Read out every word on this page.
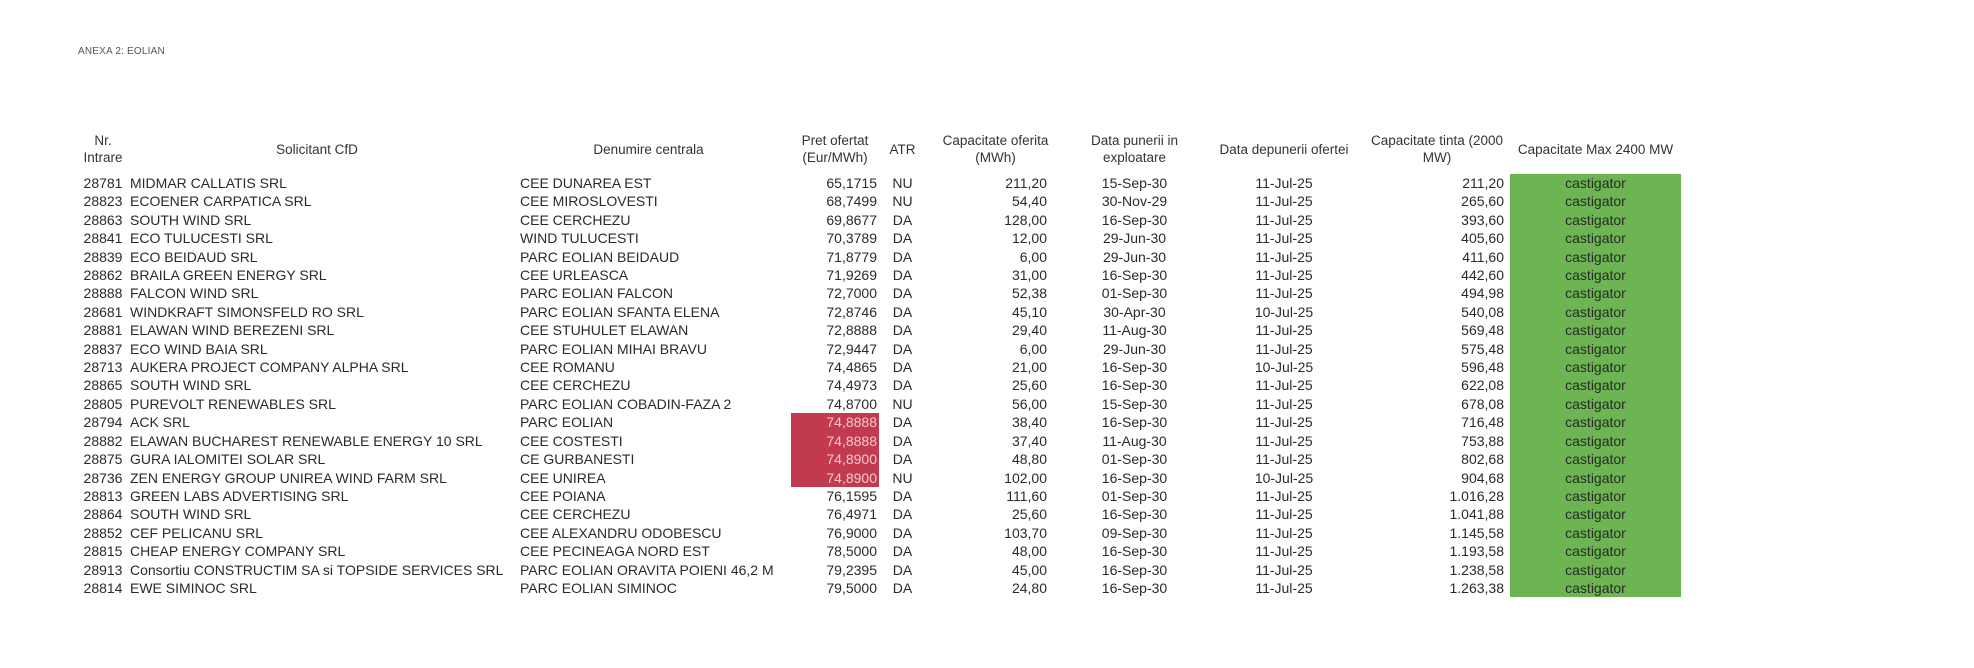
ANEXA 2: EOLIAN
Nr. Intrare	Solicitant CfD	Denumire centrala	Pret ofertat (Eur/MWh)	ATR	Capacitate oferita (MWh)	Data punerii in exploatare	Data depunerii ofertei	Capacitate tinta (2000 MW)	Capacitate Max 2400 MW
28781	MIDMAR CALLATIS SRL	CEE DUNAREA EST	65,1715	NU	211,20	15-Sep-30	11-Jul-25	211,20	castigator
28823	ECOENER CARPATICA SRL	CEE MIROSLOVESTI	68,7499	NU	54,40	30-Nov-29	11-Jul-25	265,60	castigator
28863	SOUTH WIND SRL	CEE CERCHEZU	69,8677	DA	128,00	16-Sep-30	11-Jul-25	393,60	castigator
28841	ECO TULUCESTI SRL	WIND TULUCESTI	70,3789	DA	12,00	29-Jun-30	11-Jul-25	405,60	castigator
28839	ECO BEIDAUD SRL	PARC EOLIAN BEIDAUD	71,8779	DA	6,00	29-Jun-30	11-Jul-25	411,60	castigator
28862	BRAILA GREEN ENERGY SRL	CEE URLEASCA	71,9269	DA	31,00	16-Sep-30	11-Jul-25	442,60	castigator
28888	FALCON WIND SRL	PARC EOLIAN FALCON	72,7000	DA	52,38	01-Sep-30	11-Jul-25	494,98	castigator
28681	WINDKRAFT SIMONSFELD RO SRL	PARC EOLIAN SFANTA ELENA	72,8746	DA	45,10	30-Apr-30	10-Jul-25	540,08	castigator
28881	ELAWAN WIND BEREZENI SRL	CEE STUHULET ELAWAN	72,8888	DA	29,40	11-Aug-30	11-Jul-25	569,48	castigator
28837	ECO WIND BAIA SRL	PARC EOLIAN MIHAI BRAVU	72,9447	DA	6,00	29-Jun-30	11-Jul-25	575,48	castigator
28713	AUKERA PROJECT COMPANY ALPHA SRL	CEE ROMANU	74,4865	DA	21,00	16-Sep-30	10-Jul-25	596,48	castigator
28865	SOUTH WIND SRL	CEE CERCHEZU	74,4973	DA	25,60	16-Sep-30	11-Jul-25	622,08	castigator
28805	PUREVOLT RENEWABLES SRL	PARC EOLIAN COBADIN-FAZA 2	74,8700	NU	56,00	15-Sep-30	11-Jul-25	678,08	castigator
28794	ACK SRL	PARC EOLIAN	74,8888	DA	38,40	16-Sep-30	11-Jul-25	716,48	castigator
28882	ELAWAN BUCHAREST RENEWABLE ENERGY 10 SRL	CEE COSTESTI	74,8888	DA	37,40	11-Aug-30	11-Jul-25	753,88	castigator
28875	GURA IALOMITEI SOLAR SRL	CE GURBANESTI	74,8900	DA	48,80	01-Sep-30	11-Jul-25	802,68	castigator
28736	ZEN ENERGY GROUP UNIREA WIND FARM SRL	CEE UNIREA	74,8900	NU	102,00	16-Sep-30	10-Jul-25	904,68	castigator
28813	GREEN LABS ADVERTISING SRL	CEE POIANA	76,1595	DA	111,60	01-Sep-30	11-Jul-25	1.016,28	castigator
28864	SOUTH WIND SRL	CEE CERCHEZU	76,4971	DA	25,60	16-Sep-30	11-Jul-25	1.041,88	castigator
28852	CEF PELICANU SRL	CEE ALEXANDRU ODOBESCU	76,9000	DA	103,70	09-Sep-30	11-Jul-25	1.145,58	castigator
28815	CHEAP ENERGY COMPANY SRL	CEE PECINEAGA NORD EST	78,5000	DA	48,00	16-Sep-30	11-Jul-25	1.193,58	castigator
28913	Consortiu CONSTRUCTIM SA si TOPSIDE SERVICES SRL	PARC EOLIAN ORAVITA POIENI 46,2 M	79,2395	DA	45,00	16-Sep-30	11-Jul-25	1.238,58	castigator
28814	EWE SIMINOC SRL	PARC EOLIAN SIMINOC	79,5000	DA	24,80	16-Sep-30	11-Jul-25	1.263,38	castigator
